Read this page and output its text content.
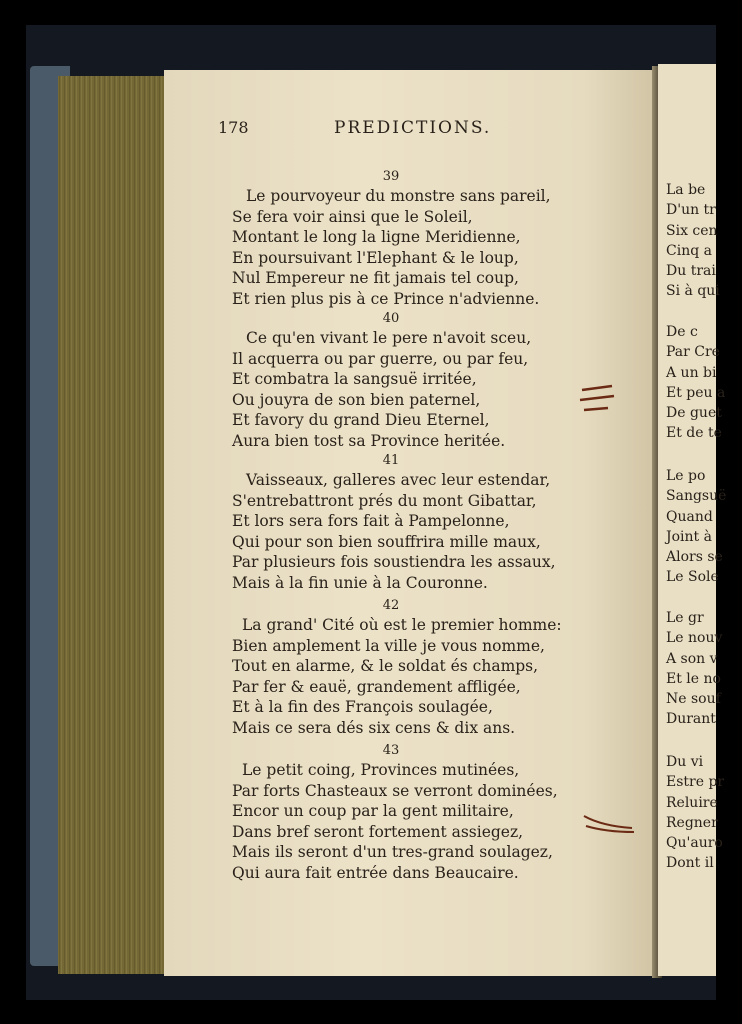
178	PREDICTIONS.
39
Le pourvoyeur du monstre sans pareil,
Se fera voir ainsi que le Soleil,
Montant le long la ligne Meridienne,
En poursuivant l'Elephant & le loup,
Nul Empereur ne fit jamais tel coup,
Et rien plus pis à ce Prince n'advienne.
40
Ce qu'en vivant le pere n'avoit sceu,
Il acquerra ou par guerre, ou par feu,
Et combatra la sangsuë irritée,
Ou jouyra de son bien paternel,
Et favory du grand Dieu Eternel,
Aura bien tost sa Province heritée.
41
Vaisseaux, galleres avec leur estendar,
S'entrebattront prés du mont Gibattar,
Et lors sera fors fait à Pampelonne,
Qui pour son bien souffrira mille maux,
Par plusieurs fois soustiendra les assaux,
Mais à la fin unie à la Couronne.
42
La grand' Cité où est le premier homme:
Bien amplement la ville je vous nomme,
Tout en alarme, & le soldat és champs,
Par fer & eauë, grandement affligée,
Et à la fin des François soulagée,
Mais ce sera dés six cens & dix ans.
43
Le petit coing, Provinces mutinées,
Par forts Chasteaux se verront dominées,
Encor un coup par la gent militaire,
Dans bref seront fortement assiegez,
Mais ils seront d'un tres-grand soulagez,
Qui aura fait entrée dans Beaucaire.
La be
D'un tr
Six cen
Cinq a
Du trai
Si à qui
De c
Par Cre
A un bi
Et peu a
De guet
Et de te
Le po
Sangsuë
Quand
Joint à
Alors se
Le Sole
Le gr
Le nouv
A son v
Et le no
Ne souf
Durant
Du vi
Estre pr
Reluire
Regner
Qu'auro
Dont il
